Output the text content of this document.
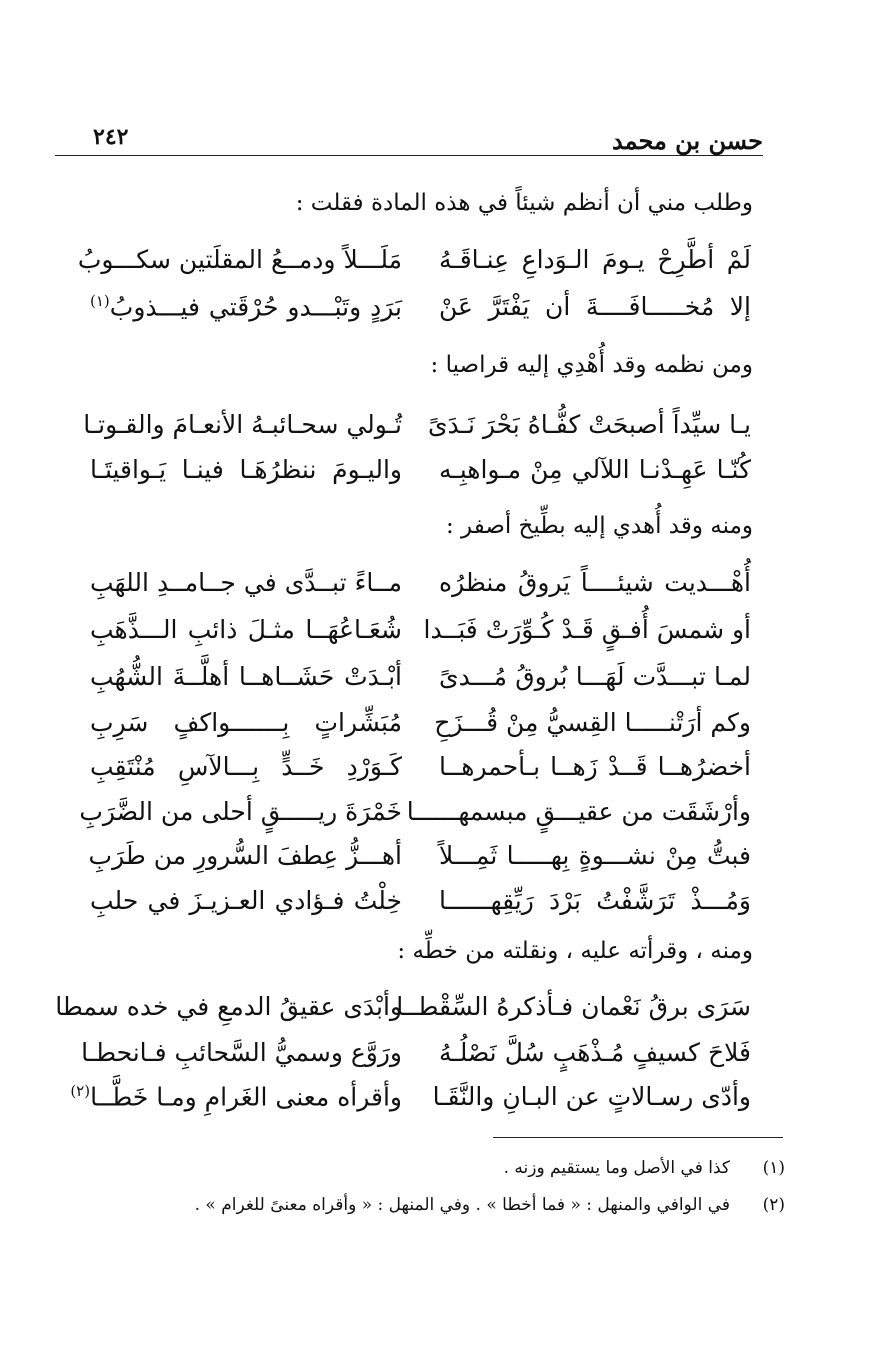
حسن بن محمد
٢٤٢
وطلب مني أن أنظم شيئاً في هذه المادة فقلت :
لَمْ أطَّرِحْ يـومَ الـوَداعِ عِنـاقَـهُ
مَلَـــلاً ودمــعُ المقلَتين سكـــوبُ
إلا مُخـــــافَــــةَ أن يَفْتَرَّ عَنْ
بَرَدٍ وتَبْـــدو حُرْقَتي فيـــذوبُ$^{(١)}$
ومن نظمه وقد أُهْدِي إليه قراصيا :
يـا سيِّداً أصبحَتْ كفُّـاهُ بَحْرَ نَـدَىً
تُـولي سحـائبـهُ الأنعـامَ والقـوتـا
كُنّـا عَهِـدْنـا اللآلي مِنْ مـواهبِـه
واليـومَ ننظرُهَـا فينـا يَـواقيتَـا
ومنه وقد أُهدي إليه بطِّيخ أصفر :
أُهْـــديت شيئــــاً يَروقُ منظرُه
مــاءً تبــدَّى في جــامــدِ اللهَبِ
أو شمسَ أُفـقٍ قَـدْ كُـوِّرَتْ فَبَــدا
شُعَـاعُهَــا مثـلَ ذائبِ الـــذَّهَبِ
لمـا تبـــدَّت لَهَـــا بُروقُ مُـــدىً
أبْـدَتْ حَشَــاهــا أهلَّــةَ الشُّهُبِ
وكم أرَتْنـــــا القِسيُّ مِنْ قُـــزَحِ
مُبَشِّراتٍ بِـــــــواكفٍ سَرِبِ
أخضرُهــا قَــدْ زَهــا بـأحمرهــا
كَـوَرْدِ خَــدٍّ بِـــالآسِ مُنْتَقِبِ
وأرْشَقَت من عقيـــقٍ مبسمهــــــا
خَمْرَةَ ريـــــقٍ أحلى من الضَّرَبِ
فبتُّ مِنْ نشـــوةٍ بِهـــــا ثَمِـــلاً
أهـــزُّ عِطفَ السُّرورِ من طَرَبِ
وَمُـــذْ تَرَشَّفْتُ بَرْدَ رَيِّقِهــــــا
خِلْتُ فـؤادي العـزيـزَ في حلبِ
ومنه ، وقرأته عليه ، ونقلته من خطِّه :
سَرَى برقُ نَعْمان فـأذكرهُ السِّقْطــا
وأبْدَى عقيقُ الدمعِ في خده سمطا
فَلاحَ كسيفٍ مُـذْهَبٍ سُلَّ نَصْلُـهُ
ورَوَّع وسميُّ السَّحائبِ فـانحطـا
وأدّى رسـالاتٍ عن البـانِ والنَّقَـا
وأقرأه معنى الغَرامِ ومـا خَطَّــا$^{(٢)}$
(١)كذا في الأصل وما يستقيم وزنه .
(٢)في الوافي والمنهل : « فما أخطا » . وفي المنهل : « وأقراه معنىً للغرام » .
